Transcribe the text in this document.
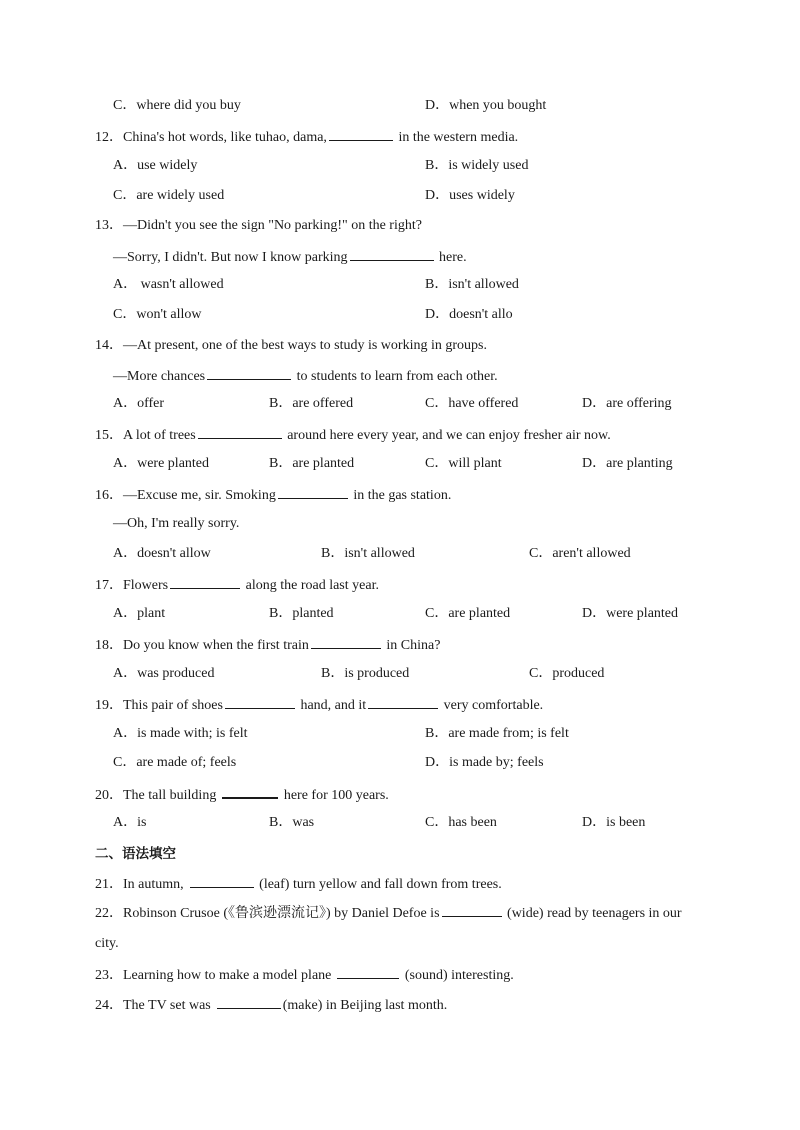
C．where did you buy	D．when you bought
12．China's hot words, like tuhao, dama,	in the western media.
A．use widely	B．is widely used
C．are widely used	D．uses widely
13．—Didn't you see the sign "No parking!" on the right?
—Sorry, I didn't. But now I know parking	here.
A． wasn't allowed	B．isn't allowed
C．won't allow	D．doesn't allo
14．—At present, one of the best ways to study is working in groups.
—More chances	to students to learn from each other.
A．offer	B．are offered	C．have offered	D．are offering
15．A lot of trees	around here every year, and we can enjoy fresher air now.
A．were planted	B．are planted	C．will plant	D．are planting
16．—Excuse me, sir. Smoking	in the gas station.
—Oh, I'm really sorry.
A．doesn't allow	B．isn't allowed	C．aren't allowed
17．Flowers	along the road last year.
A．plant	B．planted	C．are planted	D．were planted
18．Do you know when the first train	in China?
A．was produced	B．is produced	C．produced
19．This pair of shoes	hand, and it	very comfortable.
A．is made with; is felt	B．are made from; is felt
C．are made of; feels	D．is made by; feels
20．The tall building	here for 100 years.
A．is	B．was	C．has been	D．is been
二、语法填空
21．In autumn,	(leaf) turn yellow and fall down from trees.
22．Robinson Crusoe (《鲁滨逊漂流记》) by Daniel Defoe is	(wide) read by teenagers in our
city.
23．Learning how to make a model plane	(sound) interesting.
24．The TV set was	(make) in Beijing last month.
